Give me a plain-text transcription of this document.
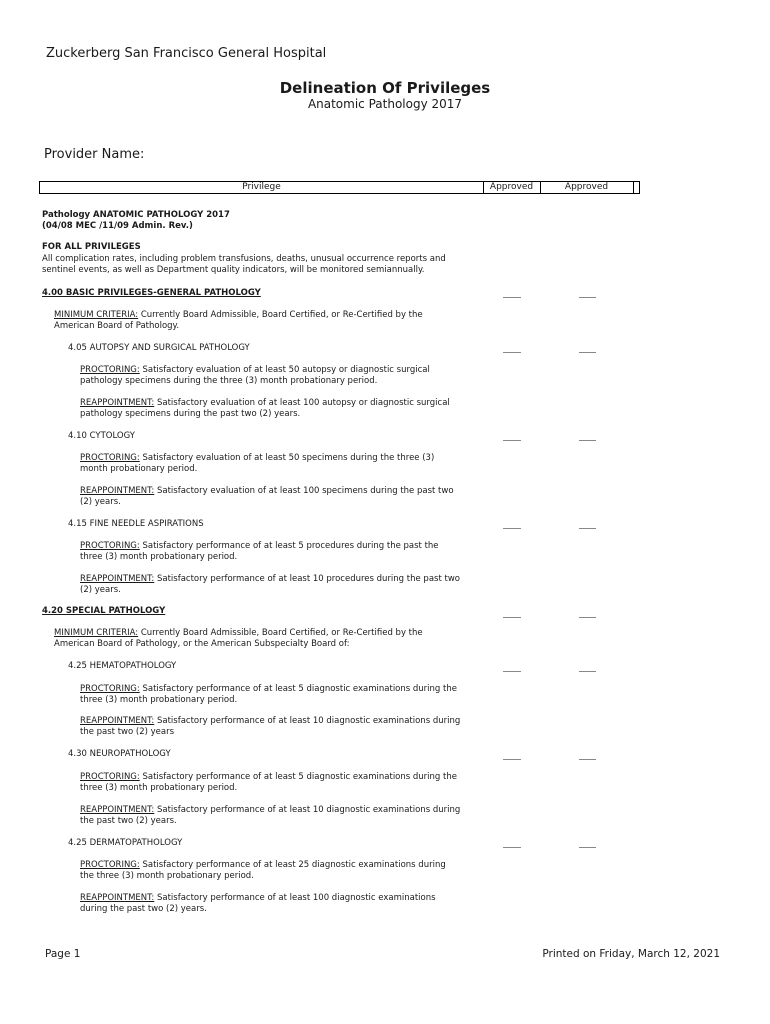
Zuckerberg San Francisco General Hospital
Delineation Of Privileges
Anatomic Pathology 2017
Provider Name:
Privilege	Approved	Approved
Pathology ANATOMIC PATHOLOGY 2017
(04/08 MEC /11/09 Admin. Rev.)
FOR ALL PRIVILEGES
All complication rates, including problem transfusions, deaths, unusual occurrence reports and
sentinel events, as well as Department quality indicators, will be monitored semiannually.
4.00 BASIC PRIVILEGES-GENERAL PATHOLOGY
MINIMUM CRITERIA: Currently Board Admissible, Board Certified, or Re-Certified by the
American Board of Pathology.
4.05 AUTOPSY AND SURGICAL PATHOLOGY
PROCTORING: Satisfactory evaluation of at least 50 autopsy or diagnostic surgical
pathology specimens during the three (3) month probationary period.
REAPPOINTMENT: Satisfactory evaluation of at least 100 autopsy or diagnostic surgical
pathology specimens during the past two (2) years.
4.10 CYTOLOGY
PROCTORING: Satisfactory evaluation of at least 50 specimens during the three (3)
month probationary period.
REAPPOINTMENT: Satisfactory evaluation of at least 100 specimens during the past two
(2) years.
4.15 FINE NEEDLE ASPIRATIONS
PROCTORING: Satisfactory performance of at least 5 procedures during the past the
three (3) month probationary period.
REAPPOINTMENT: Satisfactory performance of at least 10 procedures during the past two
(2) years.
4.20 SPECIAL PATHOLOGY
MINIMUM CRITERIA: Currently Board Admissible, Board Certified, or Re-Certified by the
American Board of Pathology, or the American Subspecialty Board of:
4.25 HEMATOPATHOLOGY
PROCTORING: Satisfactory performance of at least 5 diagnostic examinations during the
three (3) month probationary period.
REAPPOINTMENT: Satisfactory performance of at least 10 diagnostic examinations during
the past two (2) years
4.30 NEUROPATHOLOGY
PROCTORING: Satisfactory performance of at least 5 diagnostic examinations during the
three (3) month probationary period.
REAPPOINTMENT: Satisfactory performance of at least 10 diagnostic examinations during
the past two (2) years.
4.25 DERMATOPATHOLOGY
PROCTORING: Satisfactory performance of at least 25 diagnostic examinations during
the three (3) month probationary period.
REAPPOINTMENT: Satisfactory performance of at least 100 diagnostic examinations
during the past two (2) years.
Page 1	Printed on Friday, March 12, 2021
